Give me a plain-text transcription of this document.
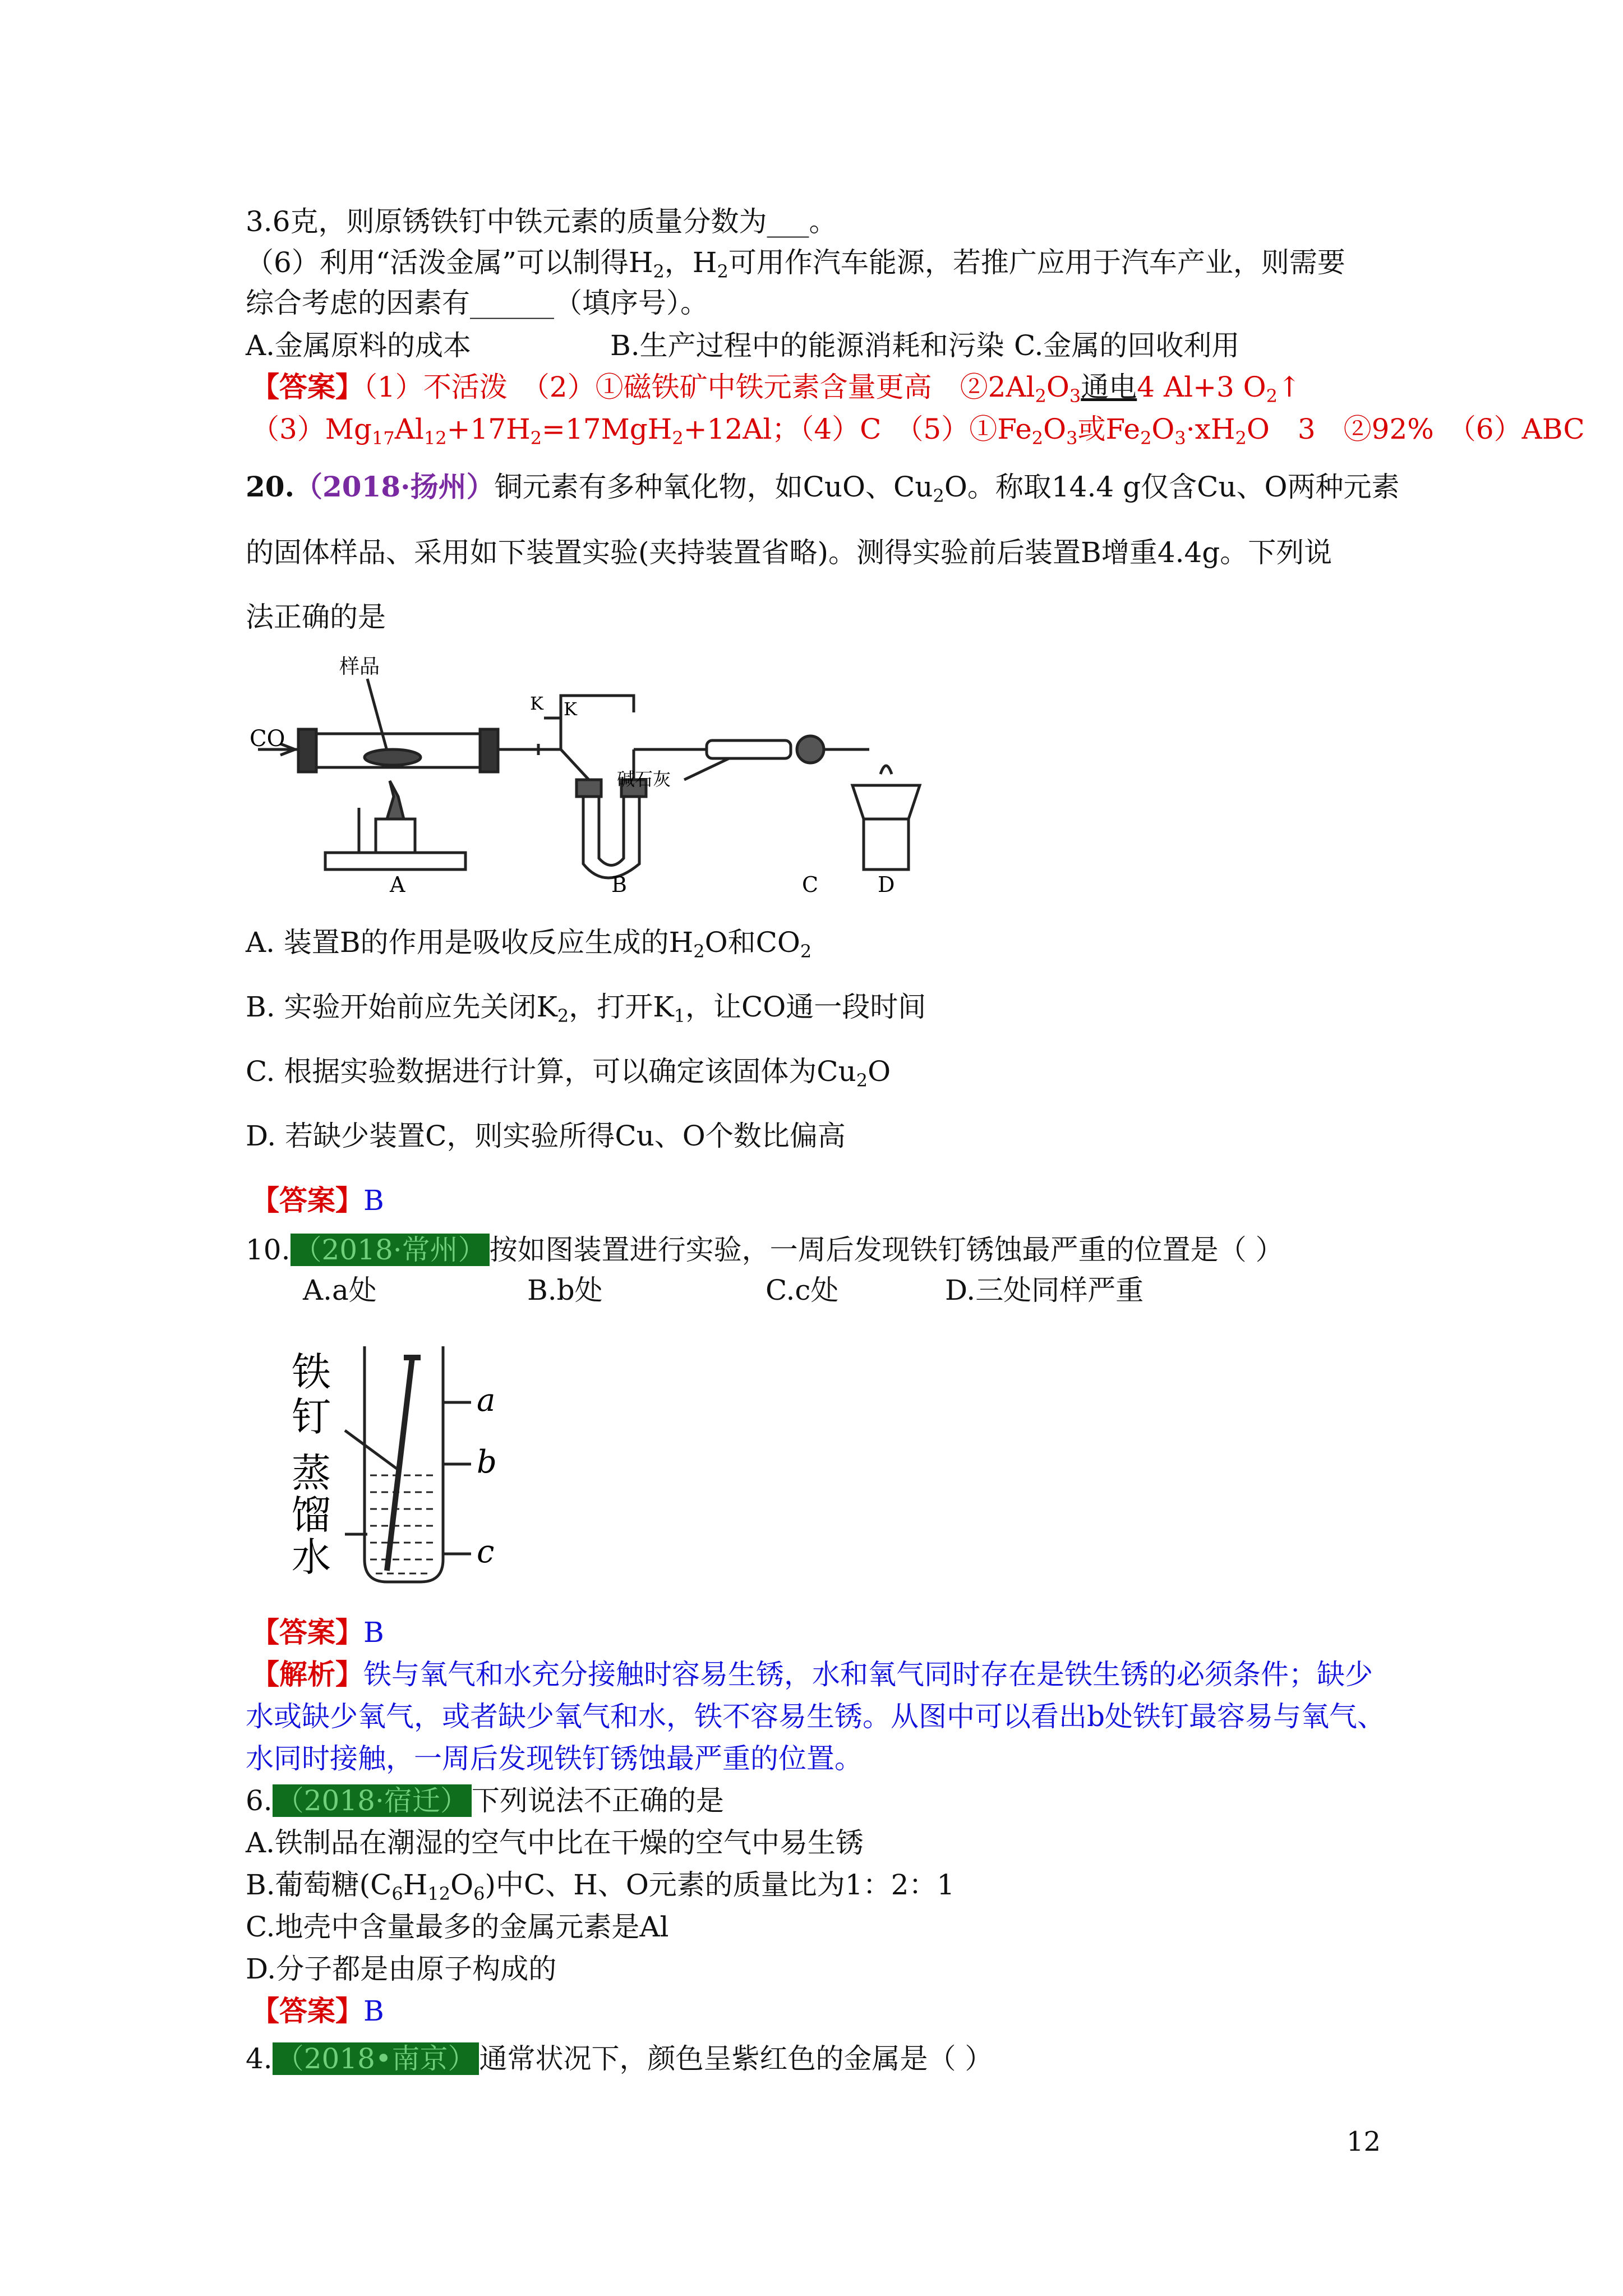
3.6克，则原锈铁钉中铁元素的质量分数为___。
（6）利用“活泼金属”可以制得$H_2$，$H_2$可用作汽车能源，若推广应用于汽车产业，则需要
综合考虑的因素有______（填序号）。
A.金属原料的成本	B.生产过程中的能源消耗和污染 C.金属的回收利用
【答案】（1）不活泼　（2）①磁铁矿中铁元素含量更高　$②2Al_2O_3$通电4 Al+3 $O_2↑$
$(3)Mg_{17}Al_{12}+17H_2=17MgH_2+12Al$；（4）C　$(5)①Fe_2O_3$或$Fe_2O_3\cdot xH_2O$　3　②92%　（6）ABC
20.（2018·扬州）铜元素有多种氧化物，如CuO、$Cu_2O$。称取14.4 g仅含Cu、O两种元素
的固体样品、采用如下装置实验(夹持装置省略)。测得实验前后装置B增重4.4g。下列说
法正确的是
CO
样品
K K
碱石灰
A	B	C	D
A. 装置B的作用是吸收反应生成的$H_2O$和$CO_2$
B. 实验开始前应先关闭$K_2$，打开$K_1$，让CO通一段时间
C. 根据实验数据进行计算，可以确定该固体为$Cu_2O$
D. 若缺少装置C，则实验所得Cu、O个数比偏高
【答案】B
10. （2018·常州） 按如图装置进行实验，一周后发现铁钉锈蚀最严重的位置是（ ）
A.a处	B.b处	C.c处	D.三处同样严重
铁
钉
蒸
馏
水
a
b
c
【答案】B
【解析】铁与氧气和水充分接触时容易生锈，水和氧气同时存在是铁生锈的必须条件；缺少
水或缺少氧气，或者缺少氧气和水，铁不容易生锈。从图中可以看出b处铁钉最容易与氧气、
水同时接触，一周后发现铁钉锈蚀最严重的位置。
6. （2018·宿迁） 下列说法不正确的是
A.铁制品在潮湿的空气中比在干燥的空气中易生锈
B.葡萄糖$(C_6H_{12}O_6)$中C、H、O元素的质量比为1：2：1
C.地壳中含量最多的金属元素是Al
D.分子都是由原子构成的
【答案】B
4. （2018•南京） 通常状况下，颜色呈紫红色的金属是（ ）
12
